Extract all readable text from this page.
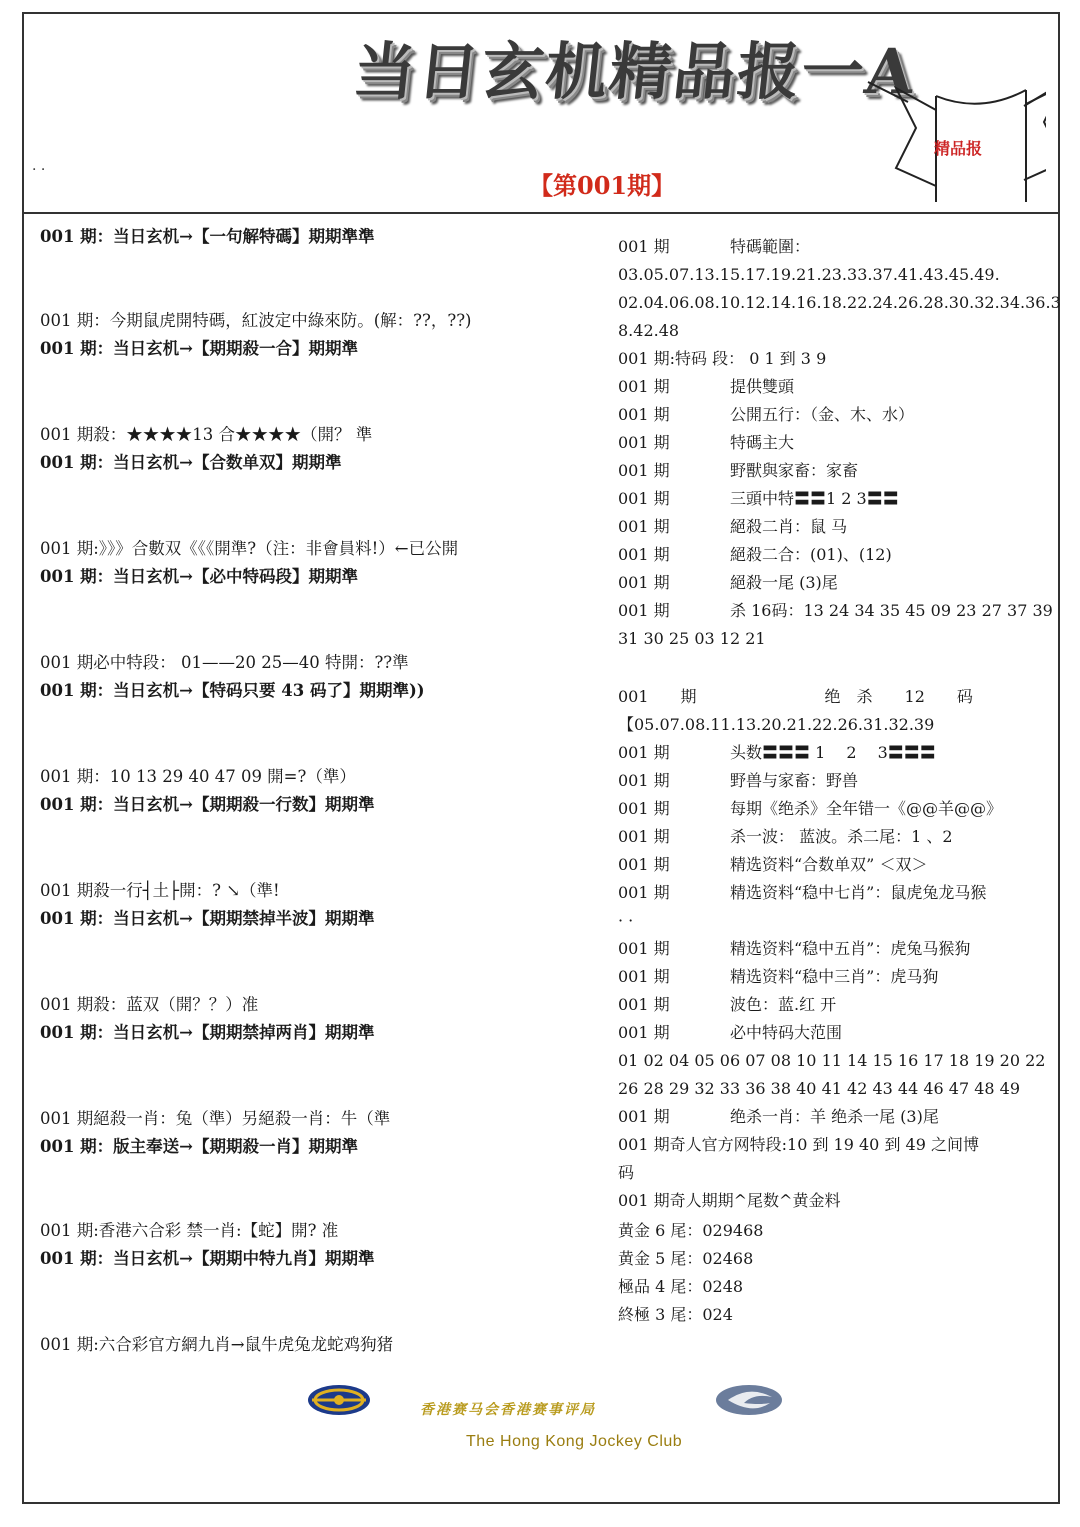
当日玄机精品报一A
· ·
【第001期】
精品报
001 期：当日玄机→【一句解特碼】期期準準
001 期：今期鼠虎開特碼，紅波定中綠來防。(解：??，??)
001 期：当日玄机→【期期殺一合】期期準
001 期殺：★★★★13 合★★★★（開？ 準
001 期：当日玄机→【合数单双】期期準
001 期:》》》合數双《《《開準?（注：非會員料!）←已公開
001 期：当日玄机→【必中特码段】期期準
001 期必中特段： 01——20 25—40 特開：??準
001 期：当日玄机→【特码只要 43 码了】期期準))
001 期：10 13 29 40 47 09 開=?（準）
001 期：当日玄机→【期期殺一行数】期期準
001 期殺一行┤土├開：? ↘（準!
001 期：当日玄机→【期期禁掉半波】期期準
001 期殺：蓝双（開？？）准
001 期：当日玄机→【期期禁掉两肖】期期準
001 期絕殺一肖：兔（準）另絕殺一肖：牛（準
001 期：版主奉送→【期期殺一肖】期期準
001 期:香港六合彩 禁一肖:【蛇】開? 准
001 期：当日玄机→【期期中特九肖】期期準
001 期:六合彩官方網九肖→鼠牛虎兔龙蛇鸡狗猪
001 期	特碼範圍：
03.05.07.13.15.17.19.21.23.33.37.41.43.45.49.
02.04.06.08.10.12.14.16.18.22.24.26.28.30.32.34.36.3
8.42.48
001 期:特码 段： 0 1 到 3 9
001 期	提供雙頭
001 期	公開五行：（金、木、水）
001 期	特碼主大
001 期	野獸與家畜：家畜
001 期	三頭中特〓〓1 2 3〓〓
001 期	絕殺二肖：鼠 马
001 期	絕殺二合：(01)、(12)
001 期	絕殺一尾 (3)尾
001 期	杀 16码：13 24 34 35 45 09 23 27 37 39
31 30 25 03 12 21
001　　期　　　　　　　　绝　杀　　12　　码
【05.07.08.11.13.20.21.22.26.31.32.39
001 期	头数〓〓〓 1　 2　 3〓〓〓
001 期	野兽与家畜：野兽
001 期	每期《绝杀》全年错一《@@羊@@》
001 期	杀一波： 蓝波。杀二尾：1 、2
001 期	精选资料“合数单双” ＜双＞
001 期	精选资料“稳中七肖”：鼠虎兔龙马猴
· ·
001 期	精选资料“稳中五肖”：虎兔马猴狗
001 期	精选资料“稳中三肖”：虎马狗
001 期	波色：蓝.红 开
001 期	必中特码大范围
01 02 04 05 06 07 08 10 11 14 15 16 17 18 19 20 22
26 28 29 32 33 36 38 40 41 42 43 44 46 47 48 49
001 期	绝杀一肖：羊 绝杀一尾 (3)尾
001 期奇人官方网特段:10 到 19 40 到 49 之间博
码
001 期奇人期期^尾数^黄金料
黄金 6 尾：029468
黄金 5 尾：02468
極品 4 尾：0248
終極 3 尾：024
香港赛马会香港赛事评局
The Hong Kong Jockey Club
